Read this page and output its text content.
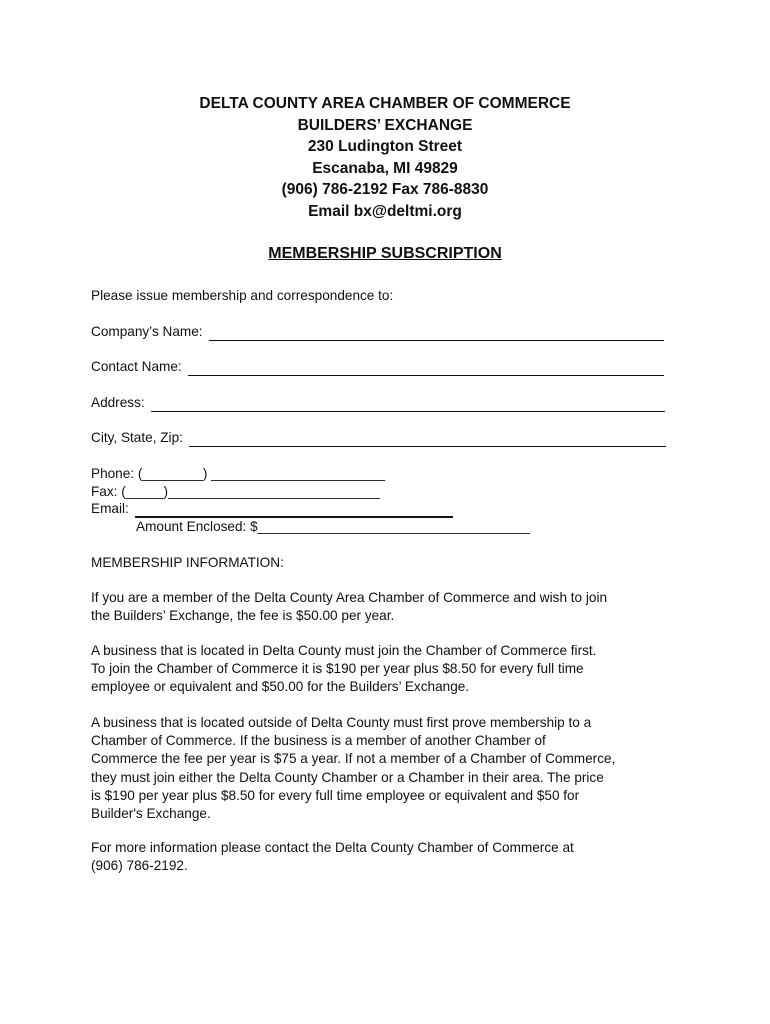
DELTA COUNTY AREA CHAMBER OF COMMERCE
BUILDERS’ EXCHANGE
230 Ludington Street
Escanaba, MI 49829
(906) 786-2192 Fax 786-8830
Email bx@deltmi.org
MEMBERSHIP SUBSCRIPTION
Please issue membership and correspondence to:
Company’s Name:
Contact Name:
Address:
City, State, Zip:
Phone: (________) _______________________
Fax: (_____)____________________________
Email:
Amount Enclosed: $____________________________________
MEMBERSHIP INFORMATION:
If you are a member of the Delta County Area Chamber of Commerce and wish to join
the Builders’ Exchange, the fee is $50.00 per year.
A business that is located in Delta County must join the Chamber of Commerce first.
To join the Chamber of Commerce it is $190 per year plus $8.50 for every full time
employee or equivalent and $50.00 for the Builders’ Exchange.
A business that is located outside of Delta County must first prove membership to a
Chamber of Commerce. If the business is a member of another Chamber of
Commerce the fee per year is $75 a year. If not a member of a Chamber of Commerce,
they must join either the Delta County Chamber or a Chamber in their area. The price
is $190 per year plus $8.50 for every full time employee or equivalent and $50 for
Builder's Exchange.
For more information please contact the Delta County Chamber of Commerce at
(906) 786-2192.
